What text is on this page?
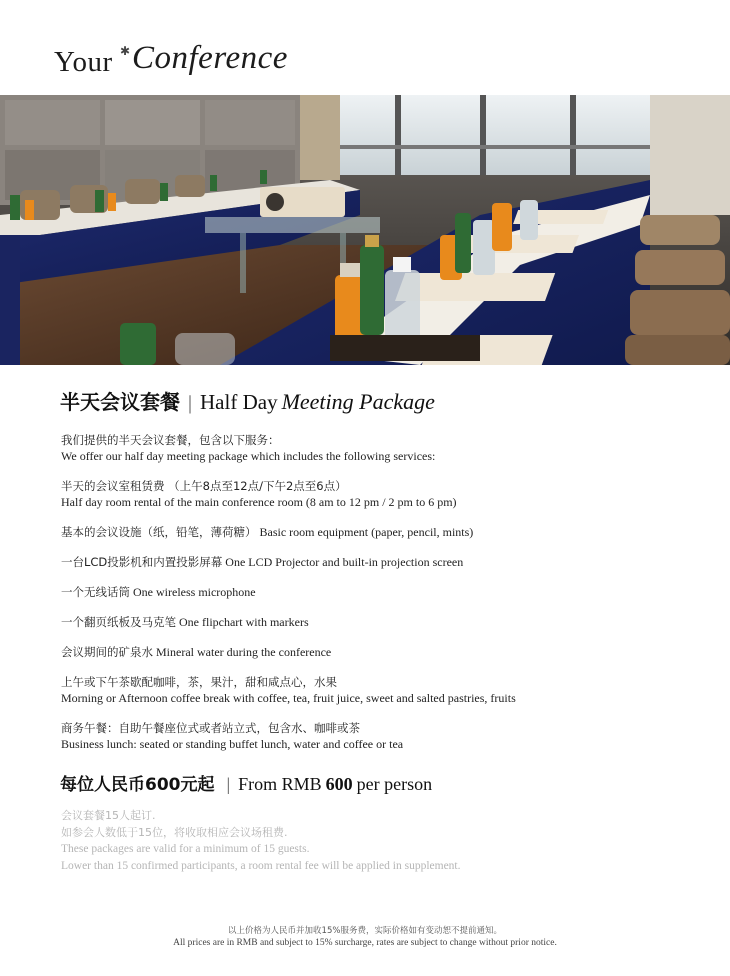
Your ✱ Conference
半天会议套餐 | Half Day Meeting Package
我们提供的半天会议套餐，包含以下服务：
We offer our half day meeting package which includes the following services:
半天的会议室租赁费 （上午8点至12点/下午2点至6点）
Half day room rental of the main conference room (8 am to 12 pm / 2 pm to 6 pm)
基本的会议设施（纸，铅笔，薄荷糖） Basic room equipment (paper, pencil, mints)
一台LCD投影机和内置投影屏幕 One LCD Projector and built-in projection screen
一个无线话筒 One wireless microphone
一个翻页纸板及马克笔 One flipchart with markers
会议期间的矿泉水 Mineral water during the conference
上午或下午茶歇配咖啡，茶，果汁，甜和咸点心，水果
Morning or Afternoon coffee break with coffee, tea, fruit juice, sweet and salted pastries, fruits
商务午餐：自助午餐座位式或者站立式，包含水、咖啡或茶
Business lunch: seated or standing buffet lunch, water and coffee or tea
每位人民币600元起 | From RMB 600 per person
会议套餐15人起订.
如参会人数低于15位，将收取相应会议场租费.
These packages are valid for a minimum of 15 guests.
Lower than 15 confirmed participants, a room rental fee will be applied in supplement.
以上价格为人民币并加收15%服务费，实际价格如有变动恕不提前通知。
All prices are in RMB and subject to 15% surcharge, rates are subject to change without prior notice.
